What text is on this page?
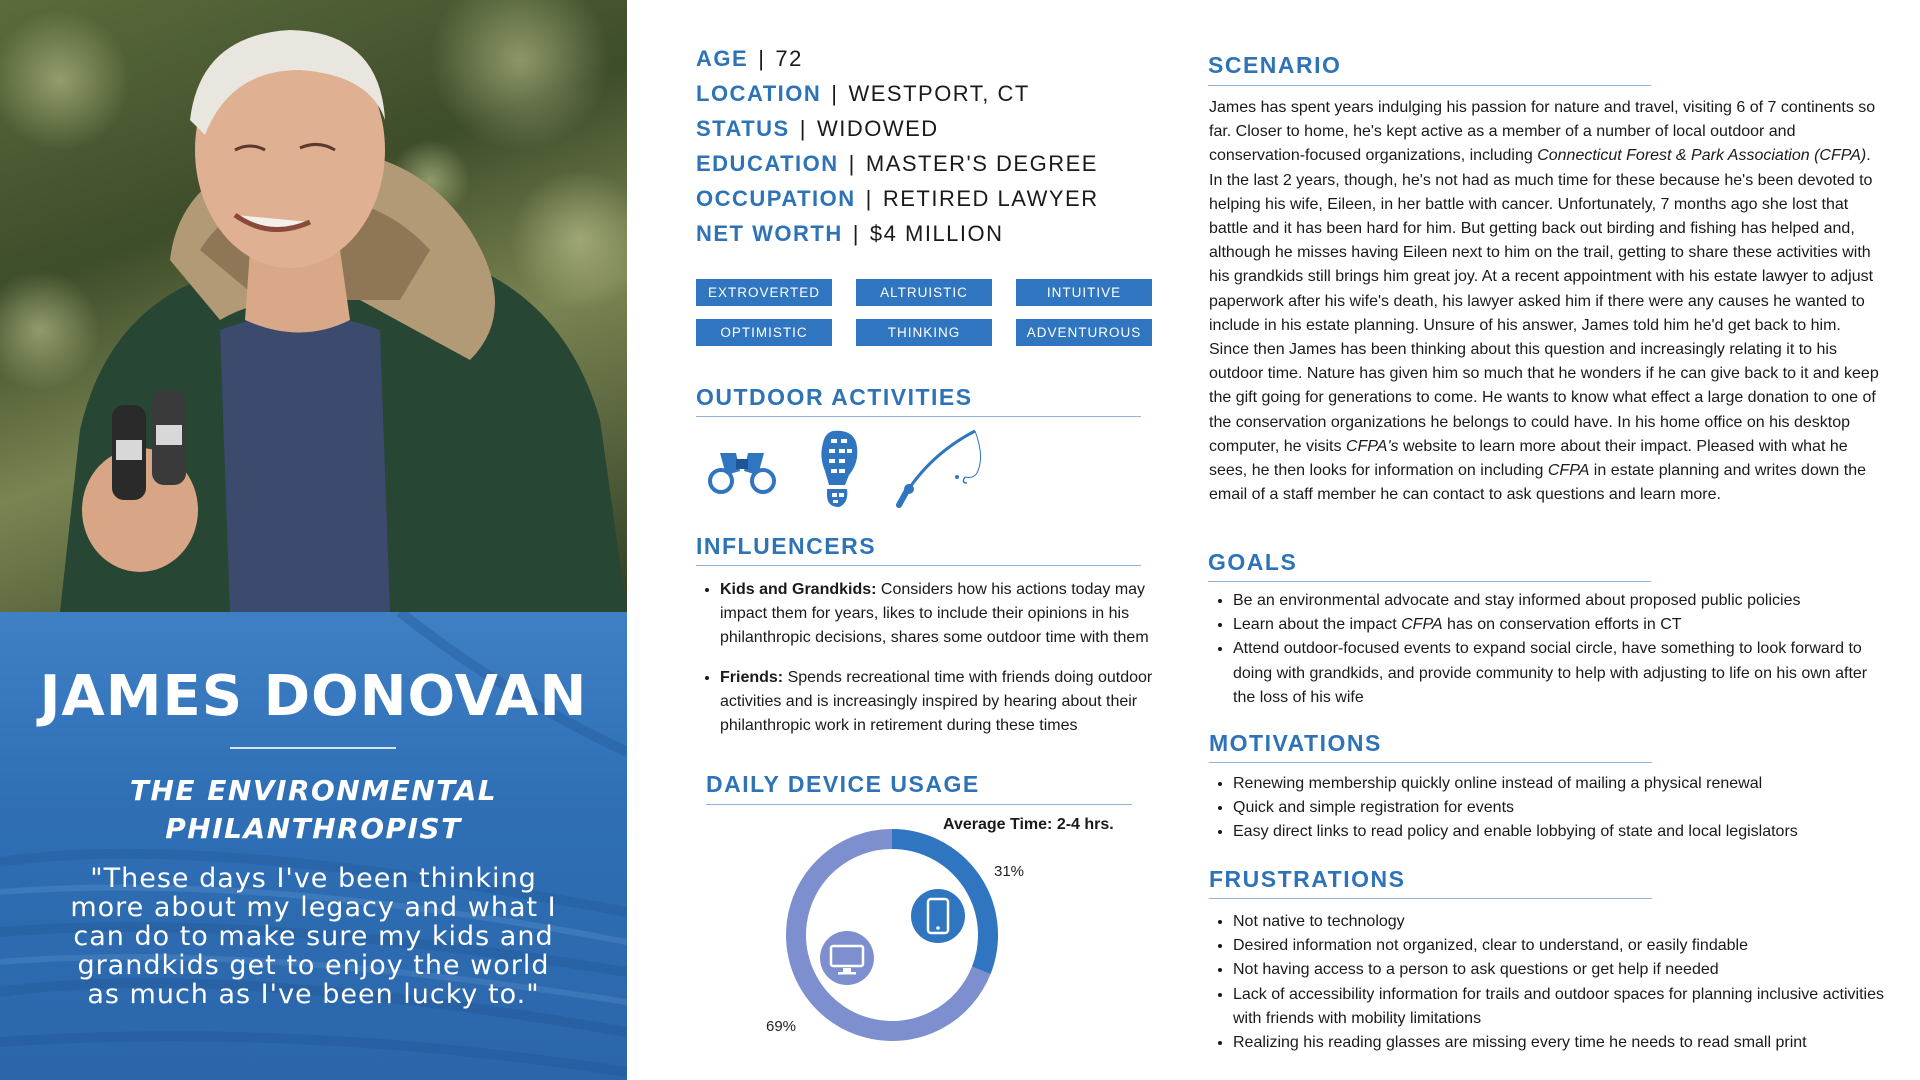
JAMES DONOVAN
THE ENVIRONMENTAL
PHILANTHROPIST
"These days I've been thinking
more about my legacy and what I
can do to make sure my kids and
grandkids get to enjoy the world
as much as I've been lucky to."
AGE | 72
LOCATION | WESTPORT, CT
STATUS | WIDOWED
EDUCATION | MASTER'S DEGREE
OCCUPATION | RETIRED LAWYER
NET WORTH | $4 MILLION
EXTROVERTED	ALTRUISTIC	INTUITIVE
OPTIMISTIC	THINKING	ADVENTUROUS
OUTDOOR ACTIVITIES
INFLUENCERS
• Kids and Grandkids: Considers how his actions today may impact them for years, likes to include their opinions in his philanthropic decisions, shares some outdoor time with them
• Friends: Spends recreational time with friends doing outdoor activities and is increasingly inspired by hearing about their philanthropic work in retirement during these times
DAILY DEVICE USAGE
Average Time: 2-4 hrs.
31%
69%
SCENARIO

James has spent years indulging his passion for nature and travel, visiting 6 of 7 continents so far. Closer to home, he's kept active as a member of a number of local outdoor and conservation-focused organizations, including Connecticut Forest & Park Association (CFPA). In the last 2 years, though, he's not had as much time for these because he's been devoted to helping his wife, Eileen, in her battle with cancer. Unfortunately, 7 months ago she lost that battle and it has been hard for him. But getting back out birding and fishing has helped and, although he misses having Eileen next to him on the trail, getting to share these activities with his grandkids still brings him great joy. At a recent appointment with his estate lawyer to adjust paperwork after his wife's death, his lawyer asked him if there were any causes he wanted to include in his estate planning. Unsure of his answer, James told him he'd get back to him. Since then James has been thinking about this question and increasingly relating it to his outdoor time. Nature has given him so much that he wonders if he can give back to it and keep the gift going for generations to come. He wants to know what effect a large donation to one of the conservation organizations he belongs to could have. In his home office on his desktop computer, he visits CFPA's website to learn more about their impact. Pleased with what he sees, he then looks for information on including CFPA in estate planning and writes down the email of a staff member he can contact to ask questions and learn more.

GOALS
• Be an environmental advocate and stay informed about proposed public policies
• Learn about the impact CFPA has on conservation efforts in CT
• Attend outdoor-focused events to expand social circle, have something to look forward to doing with grandkids, and provide community to help with adjusting to life on his own after the loss of his wife
MOTIVATIONS
• Renewing membership quickly online instead of mailing a physical renewal
• Quick and simple registration for events
• Easy direct links to read policy and enable lobbying of state and local legislators
FRUSTRATIONS
• Not native to technology
• Desired information not organized, clear to understand, or easily findable
• Not having access to a person to ask questions or get help if needed
• Lack of accessibility information for trails and outdoor spaces for planning inclusive activities with friends with mobility limitations
• Realizing his reading glasses are missing every time he needs to read small print
